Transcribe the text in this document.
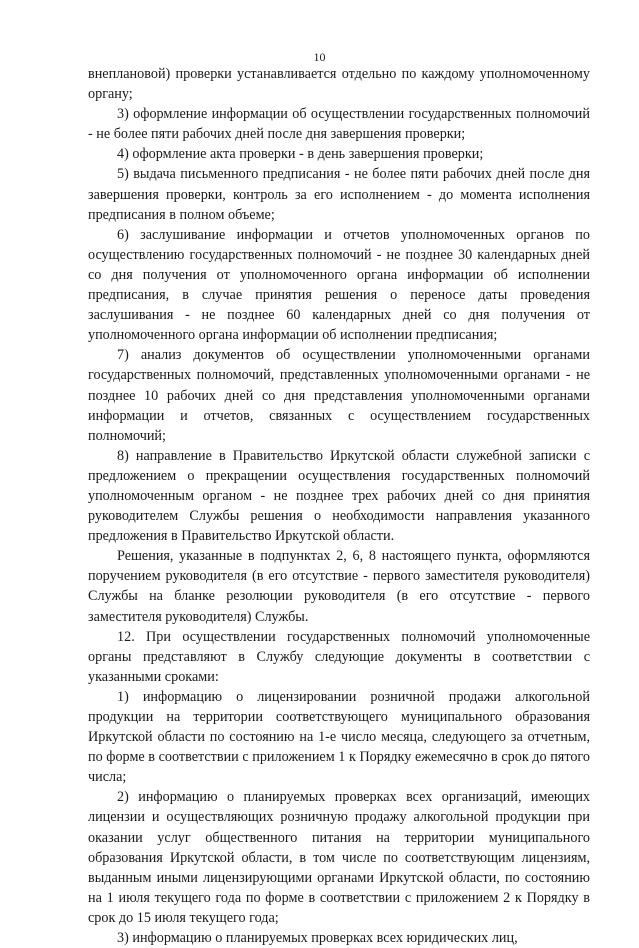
10

внеплановой) проверки устанавливается отдельно по каждому уполномоченному органу;

3) оформление информации об осуществлении государственных полномочий - не более пяти рабочих дней после дня завершения проверки;

4) оформление акта проверки - в день завершения проверки;

5) выдача письменного предписания - не более пяти рабочих дней после дня завершения проверки, контроль за его исполнением - до момента исполнения предписания в полном объеме;

6) заслушивание информации и отчетов уполномоченных органов по осуществлению государственных полномочий - не позднее 30 календарных дней со дня получения от уполномоченного органа информации об исполнении предписания, в случае принятия решения о переносе даты проведения заслушивания - не позднее 60 календарных дней со дня получения от уполномоченного органа информации об исполнении предписания;

7) анализ документов об осуществлении уполномоченными органами государственных полномочий, представленных уполномоченными органами - не позднее 10 рабочих дней со дня представления уполномоченными органами информации и отчетов, связанных с осуществлением государственных полномочий;

8) направление в Правительство Иркутской области служебной записки с предложением о прекращении осуществления государственных полномочий уполномоченным органом - не позднее трех рабочих дней со дня принятия руководителем Службы решения о необходимости направления указанного предложения в Правительство Иркутской области.

Решения, указанные в подпунктах 2, 6, 8 настоящего пункта, оформляются поручением руководителя (в его отсутствие - первого заместителя руководителя) Службы на бланке резолюции руководителя (в его отсутствие - первого заместителя руководителя) Службы.

12. При осуществлении государственных полномочий уполномоченные органы представляют в Службу следующие документы в соответствии с указанными сроками:

1) информацию о лицензировании розничной продажи алкогольной продукции на территории соответствующего муниципального образования Иркутской области по состоянию на 1-е число месяца, следующего за отчетным, по форме в соответствии с приложением 1 к Порядку ежемесячно в срок до пятого числа;

2) информацию о планируемых проверках всех организаций, имеющих лицензии и осуществляющих розничную продажу алкогольной продукции при оказании услуг общественного питания на территории муниципального образования Иркутской области, в том числе по соответствующим лицензиям, выданным иными лицензирующими органами Иркутской области, по состоянию на 1 июля текущего года по форме в соответствии с приложением 2 к Порядку в срок до 15 июля текущего года;

3) информацию о планируемых проверках всех юридических лиц,
